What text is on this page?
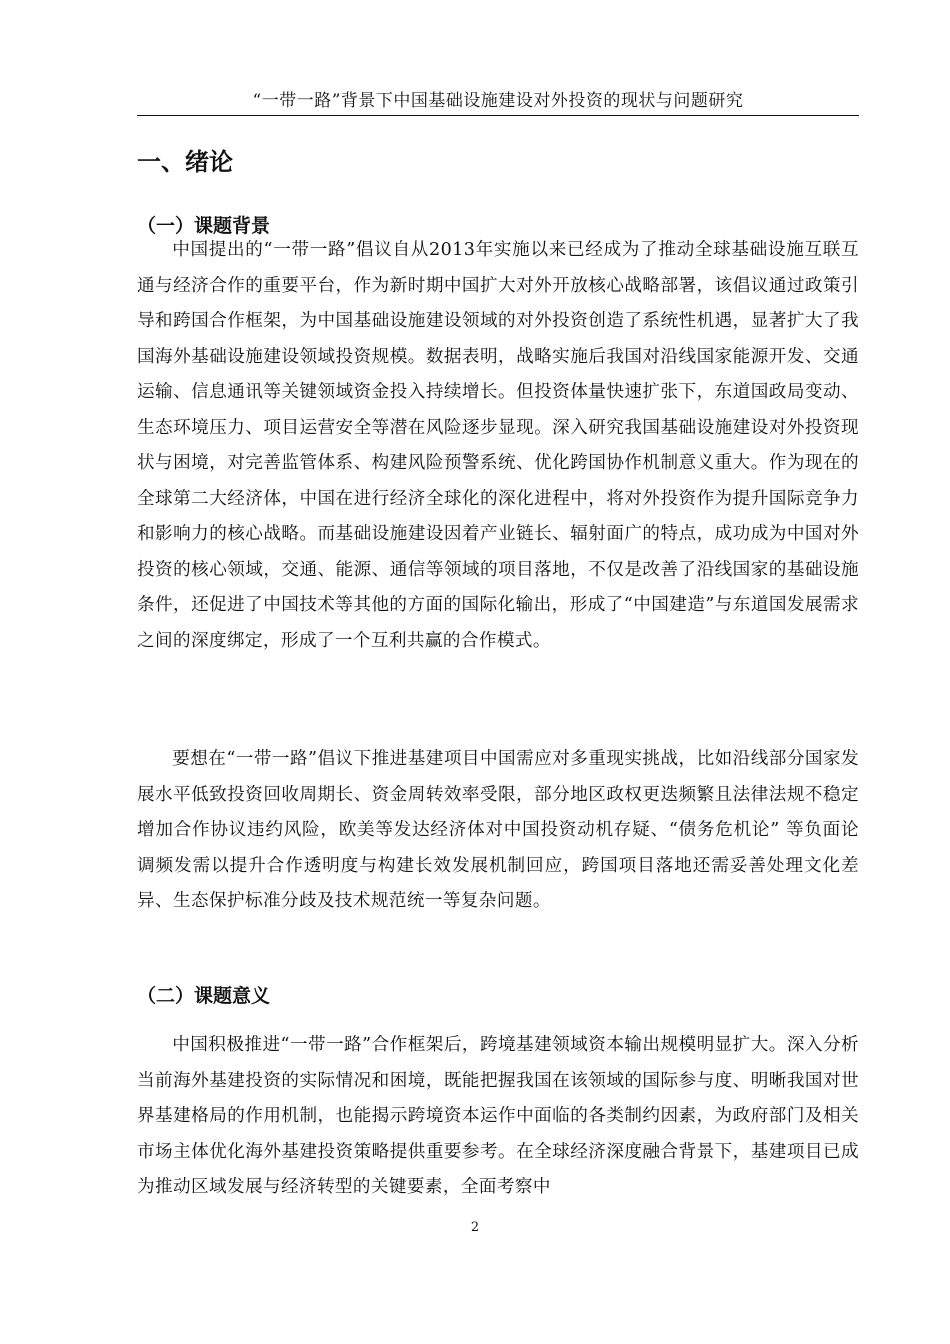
“一带一路”背景下中国基础设施建设对外投资的现状与问题研究
一、绪论
（一）课题背景

中国提出的“一带一路”倡议自从2013年实施以来已经成为了推动全球基础设施互联互通与经济合作的重要平台，作为新时期中国扩大对外开放核心战略部署，该倡议通过政策引导和跨国合作框架，为中国基础设施建设领域的对外投资创造了系统性机遇，显著扩大了我国海外基础设施建设领域投资规模。数据表明，战略实施后我国对沿线国家能源开发、交通运输、信息通讯等关键领域资金投入持续增长。但投资体量快速扩张下，东道国政局变动、生态环境压力、项目运营安全等潜在风险逐步显现。深入研究我国基础设施建设对外投资现状与困境，对完善监管体系、构建风险预警系统、优化跨国协作机制意义重大。作为现在的全球第二大经济体，中国在进行经济全球化的深化进程中，将对外投资作为提升国际竞争力和影响力的核心战略。而基础设施建设因着产业链长、辐射面广的特点，成功成为中国对外投资的核心领域，交通、能源、通信等领域的项目落地，不仅是改善了沿线国家的基础设施条件，还促进了中国技术等其他的方面的国际化输出，形成了“中国建造”与东道国发展需求之间的深度绑定，形成了一个互利共赢的合作模式。

要想在“一带一路”倡议下推进基建项目中国需应对多重现实挑战，比如沿线部分国家发展水平低致投资回收周期长、资金周转效率受限，部分地区政权更迭频繁且法律法规不稳定增加合作协议违约风险，欧美等发达经济体对中国投资动机存疑、“债务危机论” 等负面论调频发需以提升合作透明度与构建长效发展机制回应，跨国项目落地还需妥善处理文化差异、生态保护标准分歧及技术规范统一等复杂问题。

（二）课题意义

中国积极推进“一带一路”合作框架后，跨境基建领域资本输出规模明显扩大。深入分析当前海外基建投资的实际情况和困境，既能把握我国在该领域的国际参与度、明晰我国对世界基建格局的作用机制，也能揭示跨境资本运作中面临的各类制约因素，为政府部门及相关市场主体优化海外基建投资策略提供重要参考。在全球经济深度融合背景下，基建项目已成为推动区域发展与经济转型的关键要素，全面考察中

2
